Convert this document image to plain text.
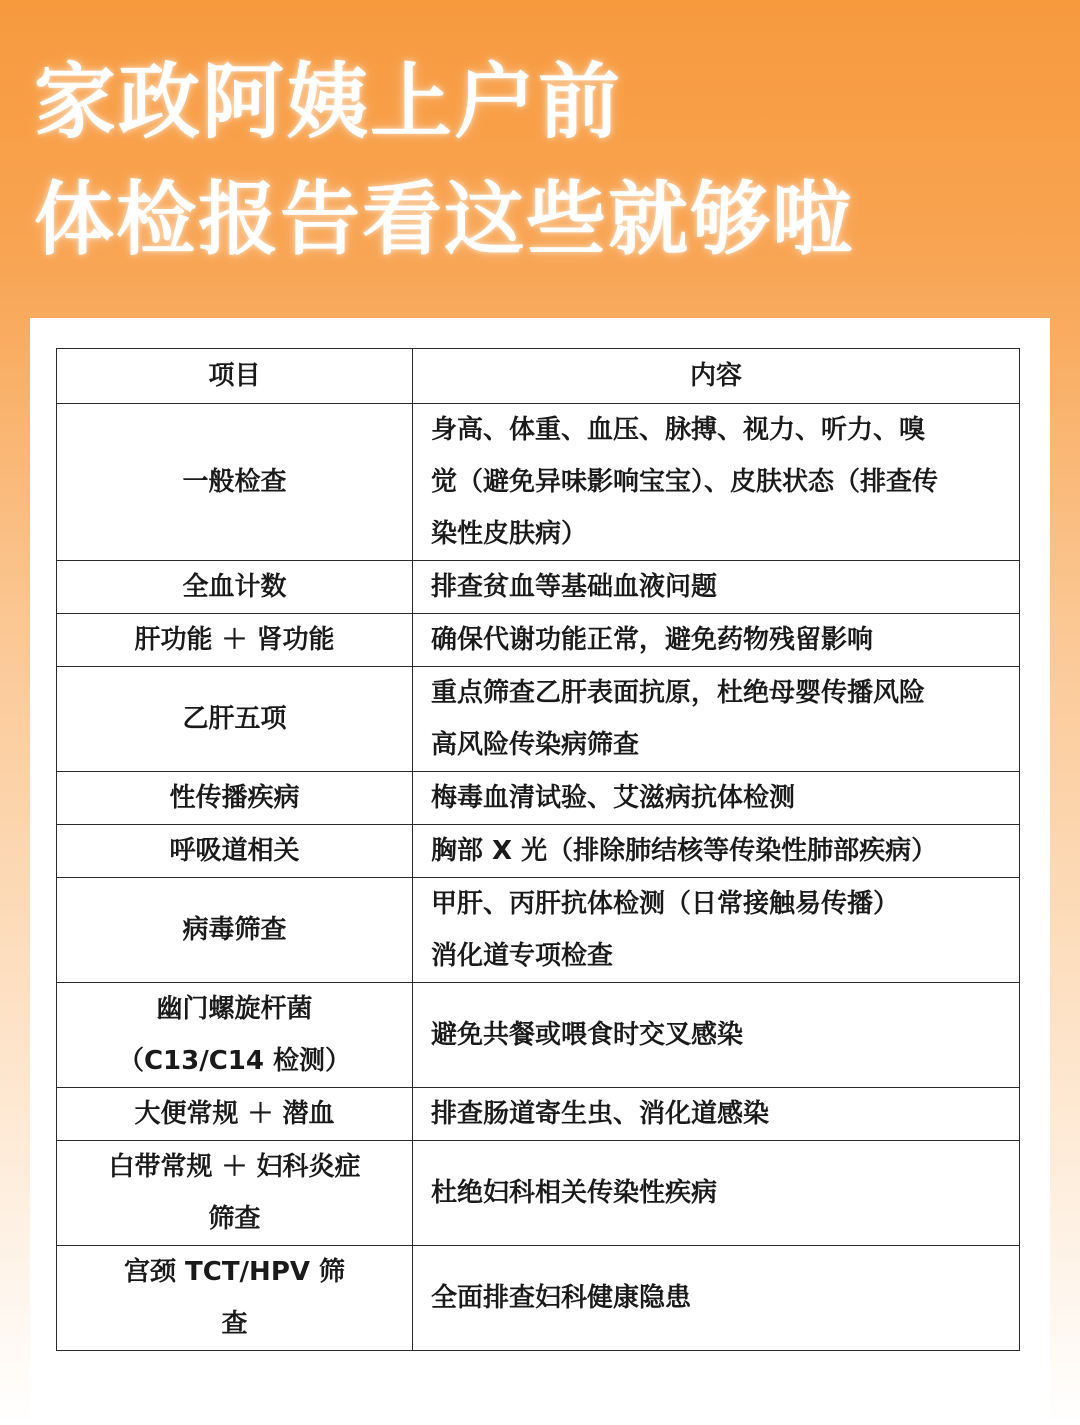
家政阿姨上户前
体检报告看这些就够啦
项目	内容

一般检查	身高、体重、血压、脉搏、视力、听力、嗅
觉（避免异味影响宝宝）、皮肤状态（排查传
染性皮肤病）

全血计数	排查贫血等基础血液问题

肝功能 ＋ 肾功能	确保代谢功能正常，避免药物残留影响

乙肝五项	重点筛查乙肝表面抗原，杜绝母婴传播风险
高风险传染病筛查

性传播疾病	梅毒血清试验、艾滋病抗体检测

呼吸道相关	胸部 X 光（排除肺结核等传染性肺部疾病）

病毒筛查	甲肝、丙肝抗体检测（日常接触易传播）
消化道专项检查

幽门螺旋杆菌
（C13/C14 检测）	避免共餐或喂食时交叉感染

大便常规 ＋ 潜血	排查肠道寄生虫、消化道感染

白带常规 ＋ 妇科炎症
筛查	杜绝妇科相关传染性疾病

宫颈 TCT/HPV 筛
查	全面排查妇科健康隐患
